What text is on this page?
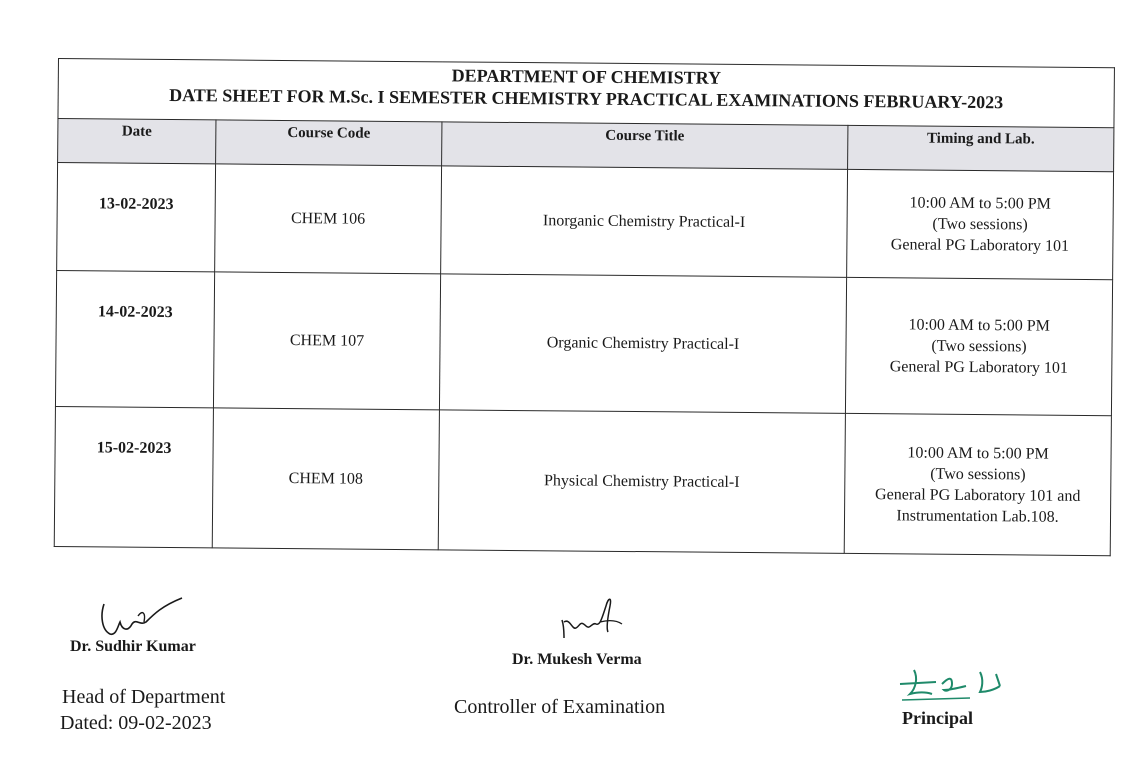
DEPARTMENT OF CHEMISTRY
DATE SHEET FOR M.Sc. I SEMESTER CHEMISTRY PRACTICAL EXAMINATIONS FEBRUARY-2023			

Date	Course Code	Course Title	Timing and Lab.
13-02-2023	CHEM 106	Inorganic Chemistry Practical-I	10:00 AM to 5:00 PM
(Two sessions)
General PG Laboratory 101

14-02-2023	CHEM 107	Organic Chemistry Practical-I	10:00 AM to 5:00 PM
(Two sessions)
General PG Laboratory 101

15-02-2023	CHEM 108	Physical Chemistry Practical-I	10:00 AM to 5:00 PM
(Two sessions)
General PG Laboratory 101 and
Instrumentation Lab.108.
Dr. Sudhir Kumar
Head of Department
Dated: 09-02-2023
Dr. Mukesh Verma
Controller of Examination	Principal
